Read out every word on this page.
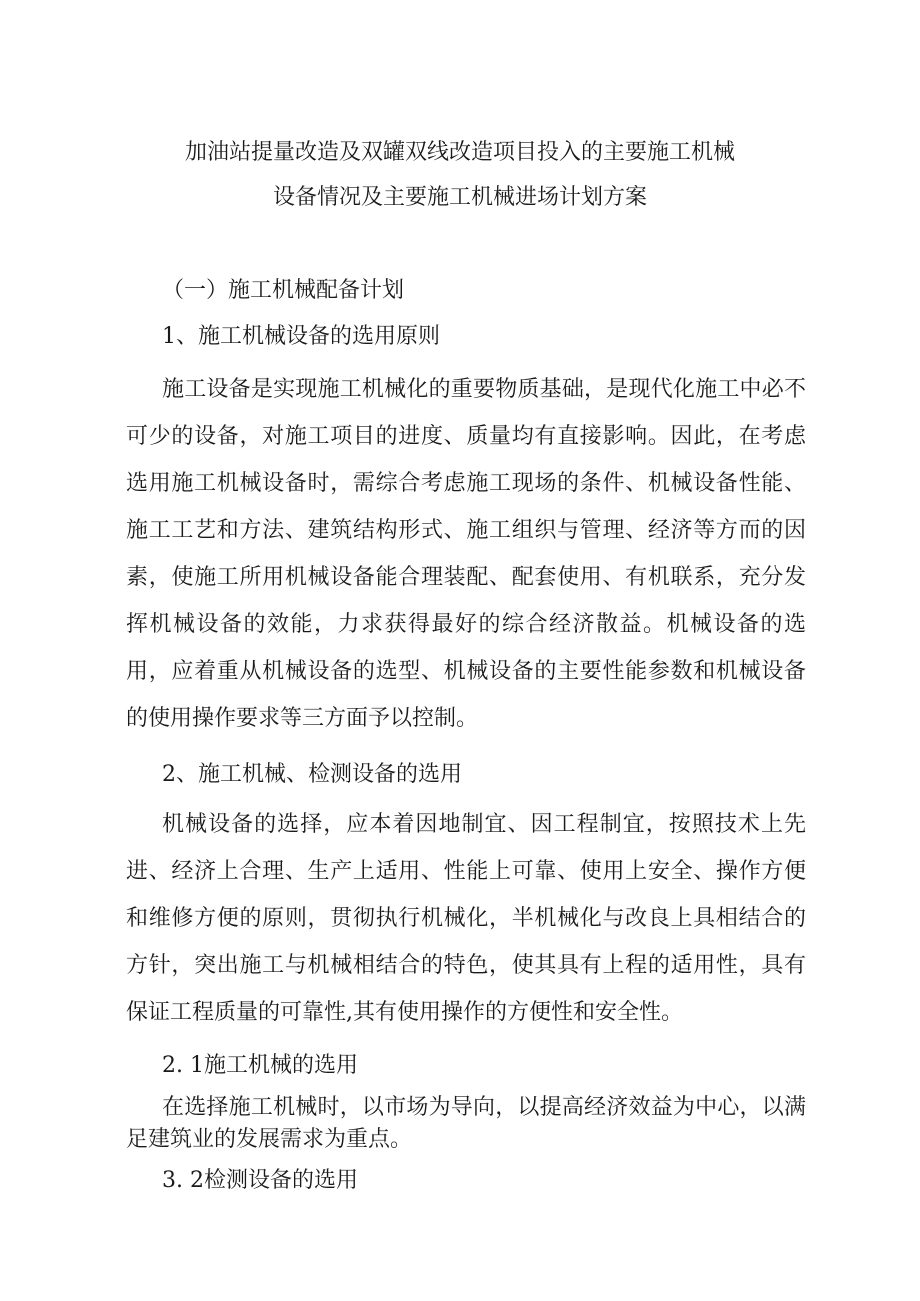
加油站提量改造及双罐双线改造项目投入的主要施工机械
设备情况及主要施工机械进场计划方案
（一）施工机械配备计划
1、施工机械设备的选用原则
施工设备是实现施工机械化的重要物质基础，是现代化施工中必不可少的设备，对施工项目的进度、质量均有直接影响。因此，在考虑选用施工机械设备时，需综合考虑施工现场的条件、机械设备性能、施工工艺和方法、建筑结构形式、施工组织与管理、经济等方而的因素，使施工所用机械设备能合理装配、配套使用、有机联系，充分发挥机械设备的效能，力求获得最好的综合经济散益。机械设备的选用，应着重从机械设备的选型、机械设备的主要性能参数和机械设备的使用操作要求等三方面予以控制。
2、施工机械、检测设备的选用
机械设备的选择，应本着因地制宜、因工程制宜，按照技术上先进、经济上合理、生产上适用、性能上可靠、使用上安全、操作方便和维修方便的原则，贯彻执行机械化，半机械化与改良上具相结合的方针，突出施工与机械相结合的特色，使其具有上程的适用性，具有保证工程质量的可靠性,其有使用操作的方便性和安全性。
2. 1施工机械的选用
在选择施工机械时，以市场为导向，以提高经济效益为中心，以满足建筑业的发展需求为重点。
3. 2检测设备的选用
